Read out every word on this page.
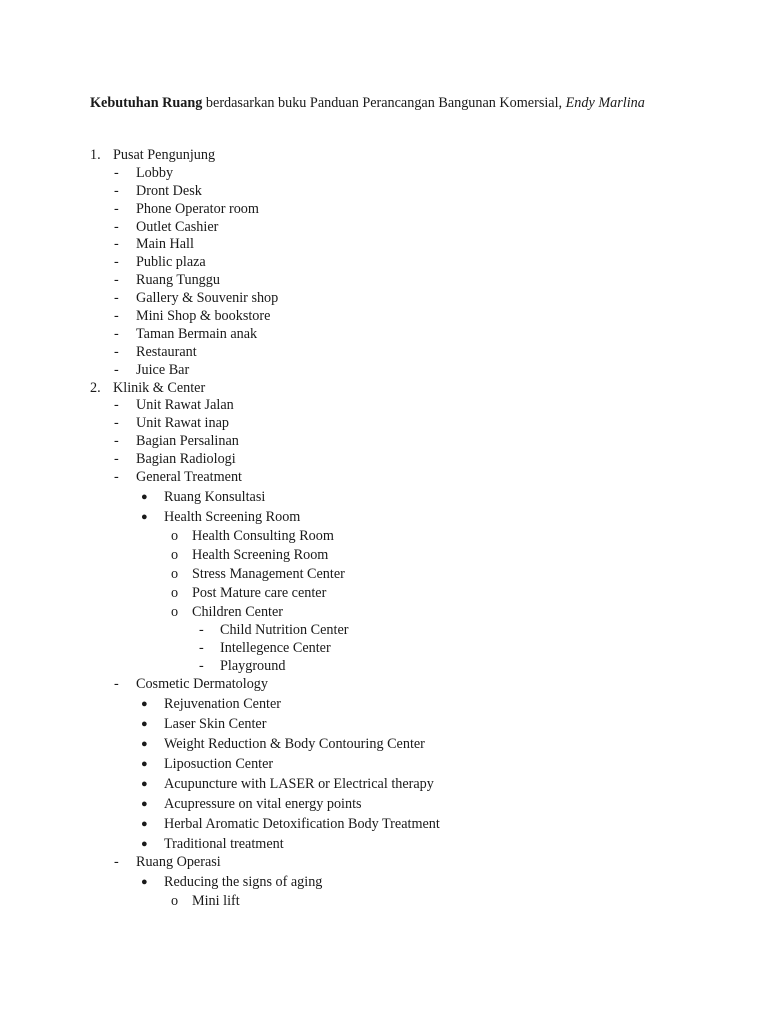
Kebutuhan Ruang berdasarkan buku Panduan Perancangan Bangunan Komersial, Endy Marlina
1. Pusat Pengunjung
- Lobby
- Dront Desk
- Phone Operator room
- Outlet Cashier
- Main Hall
- Public plaza
- Ruang Tunggu
- Gallery & Souvenir shop
- Mini Shop & bookstore
- Taman Bermain anak
- Restaurant
- Juice Bar
2. Klinik & Center
- Unit Rawat Jalan
- Unit Rawat inap
- Bagian Persalinan
- Bagian Radiologi
- General Treatment
● Ruang Konsultasi
● Health Screening Room
o Health Consulting Room
o Health Screening Room
o Stress Management Center
o Post Mature care center
o Children Center
- Child Nutrition Center
- Intellegence Center
- Playground
- Cosmetic Dermatology
● Rejuvenation Center
● Laser Skin Center
● Weight Reduction & Body Contouring Center
● Liposuction Center
● Acupuncture with LASER or Electrical therapy
● Acupressure on vital energy points
● Herbal Aromatic Detoxification Body Treatment
● Traditional treatment
- Ruang Operasi
● Reducing the signs of aging
o Mini lift
